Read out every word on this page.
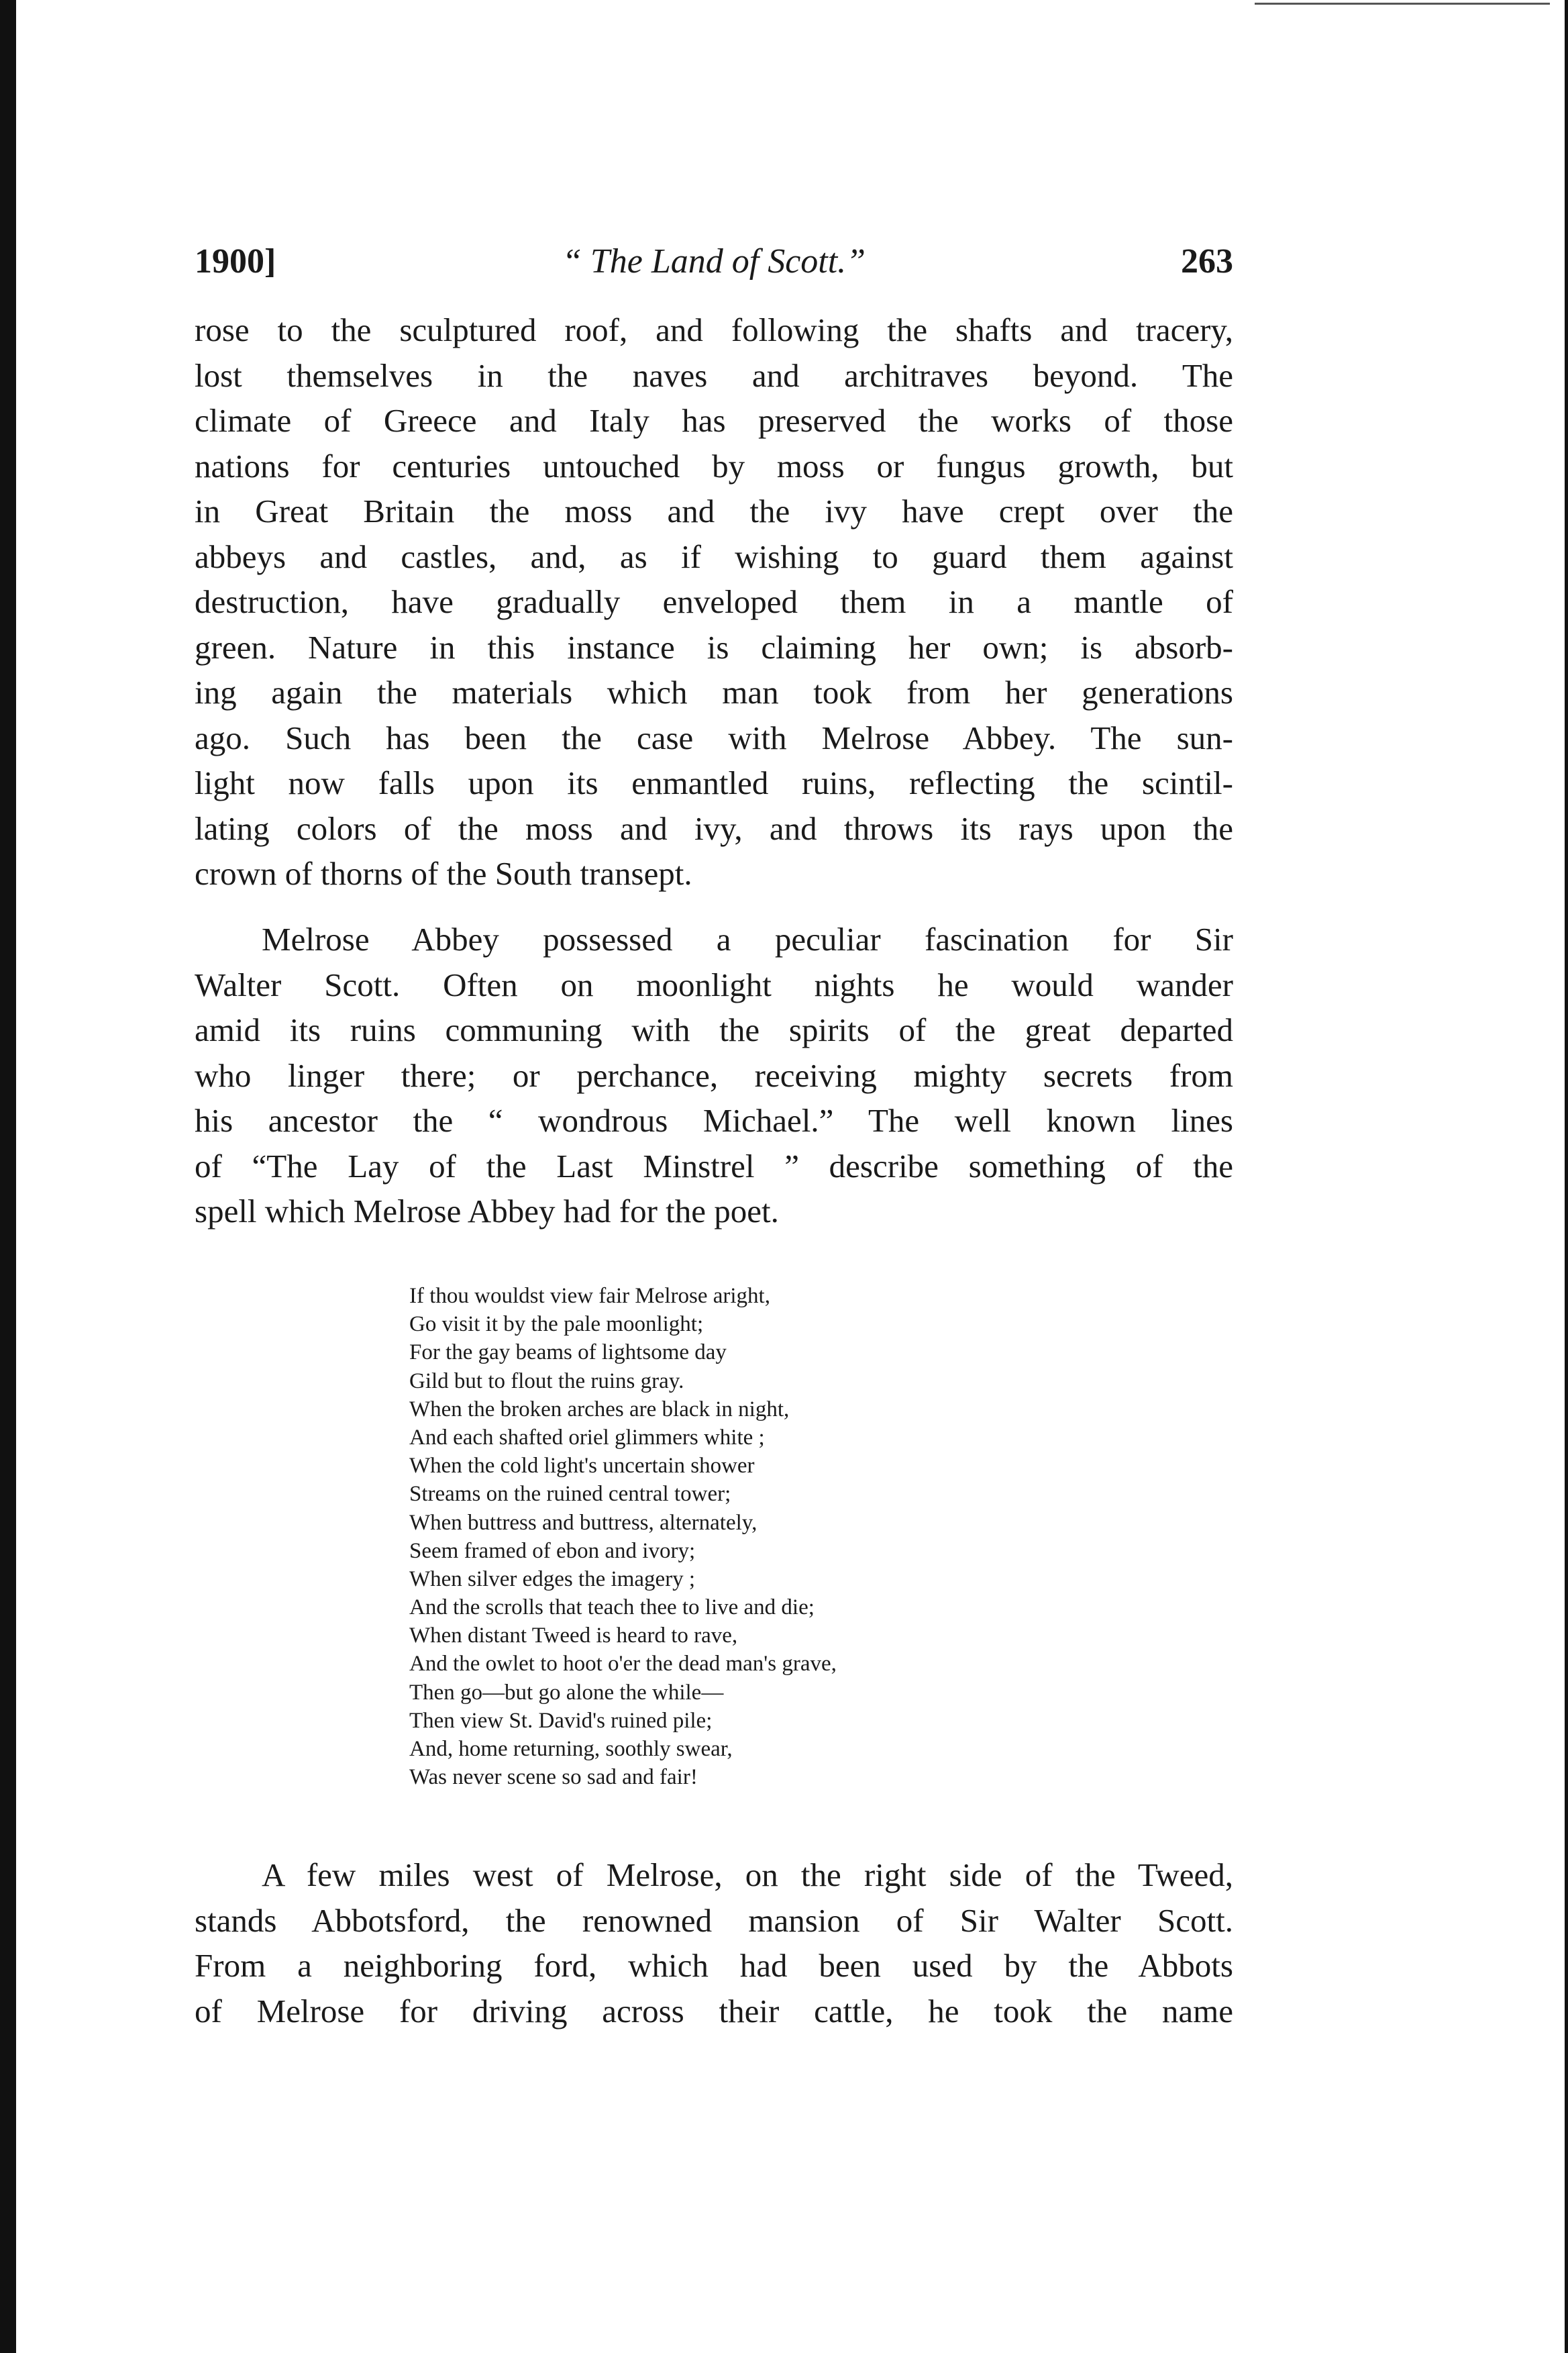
1900]	“ The Land of Scott.”	263
rose to the sculptured roof, and following the shafts and tracery,
lost themselves in the naves and architraves beyond. The
climate of Greece and Italy has preserved the works of those
nations for centuries untouched by moss or fungus growth, but
in Great Britain the moss and the ivy have crept over the
abbeys and castles, and, as if wishing to guard them against
destruction, have gradually enveloped them in a mantle of
green. Nature in this instance is claiming her own; is absorb-
ing again the materials which man took from her generations
ago. Such has been the case with Melrose Abbey. The sun-
light now falls upon its enmantled ruins, reflecting the scintil-
lating colors of the moss and ivy, and throws its rays upon the
crown of thorns of the South transept.
Melrose Abbey possessed a peculiar fascination for Sir
Walter Scott. Often on moonlight nights he would wander
amid its ruins communing with the spirits of the great departed
who linger there; or perchance, receiving mighty secrets from
his ancestor the “ wondrous Michael.” The well known lines
of “The Lay of the Last Minstrel ” describe something of the
spell which Melrose Abbey had for the poet.
If thou wouldst view fair Melrose aright,
Go visit it by the pale moonlight;
For the gay beams of lightsome day
Gild but to flout the ruins gray.
When the broken arches are black in night,
And each shafted oriel glimmers white ;
When the cold light's uncertain shower
Streams on the ruined central tower;
When buttress and buttress, alternately,
Seem framed of ebon and ivory;
When silver edges the imagery ;
And the scrolls that teach thee to live and die;
When distant Tweed is heard to rave,
And the owlet to hoot o'er the dead man's grave,
Then go—but go alone the while—
Then view St. David's ruined pile;
And, home returning, soothly swear,
Was never scene so sad and fair!
A few miles west of Melrose, on the right side of the Tweed,
stands Abbotsford, the renowned mansion of Sir Walter Scott.
From a neighboring ford, which had been used by the Abbots
of Melrose for driving across their cattle, he took the name
